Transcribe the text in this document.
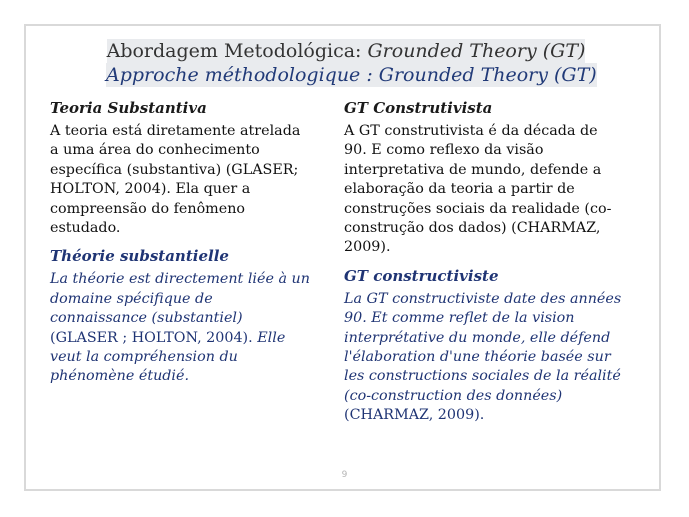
Abordagem Metodológica: Grounded Theory (GT)
Approche méthodologique : Grounded Theory (GT)
Teoria Substantiva

A teoria está diretamente atrelada a uma área do conhecimento específica (substantiva) (GLASER; HOLTON, 2004). Ela quer a compreensão do fenômeno estudado.

Théorie substantielle

La théorie est directement liée à un domaine spécifique de connaissance (substantiel) (GLASER ; HOLTON, 2004). Elle veut la compréhension du phénomène étudié.

GT Construtivista

A GT construtivista é da década de 90. E como reflexo da visão interpretativa de mundo, defende a elaboração da teoria a partir de construções sociais da realidade (co-construção dos dados) (CHARMAZ, 2009).

GT constructiviste

La GT constructiviste date des années 90. Et comme reflet de la vision interprétative du monde, elle défend l'élaboration d'une théorie basée sur les constructions sociales de la réalité (co-construction des données) (CHARMAZ, 2009).

9
